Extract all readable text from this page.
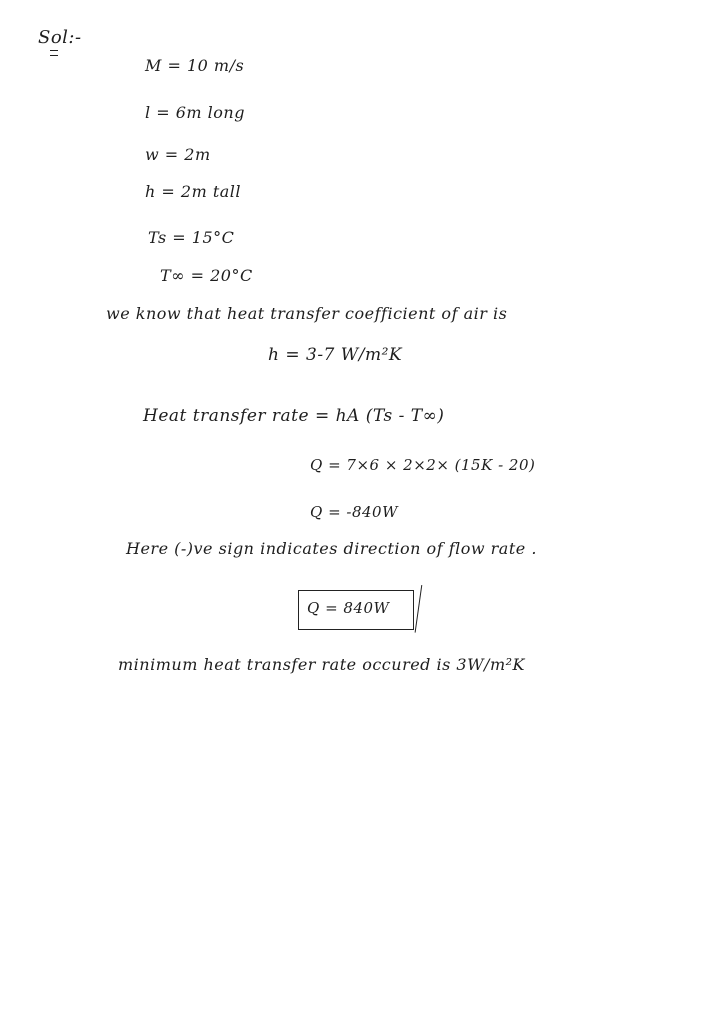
Sol:-
M = 10 m/s
l = 6m long
w = 2m
h = 2m tall
Ts = 15°C
T∞ = 20°C
we know that heat transfer coefficient of air is
h = 3-7 W/m²K
Heat transfer rate = hA (Ts - T∞)
Q = 7×6 × 2×2× (15K - 20)
Q = -840W
Here (-)ve sign indicates direction of flow rate .
Q = 840W
minimum heat transfer rate occured is 3W/m²K
